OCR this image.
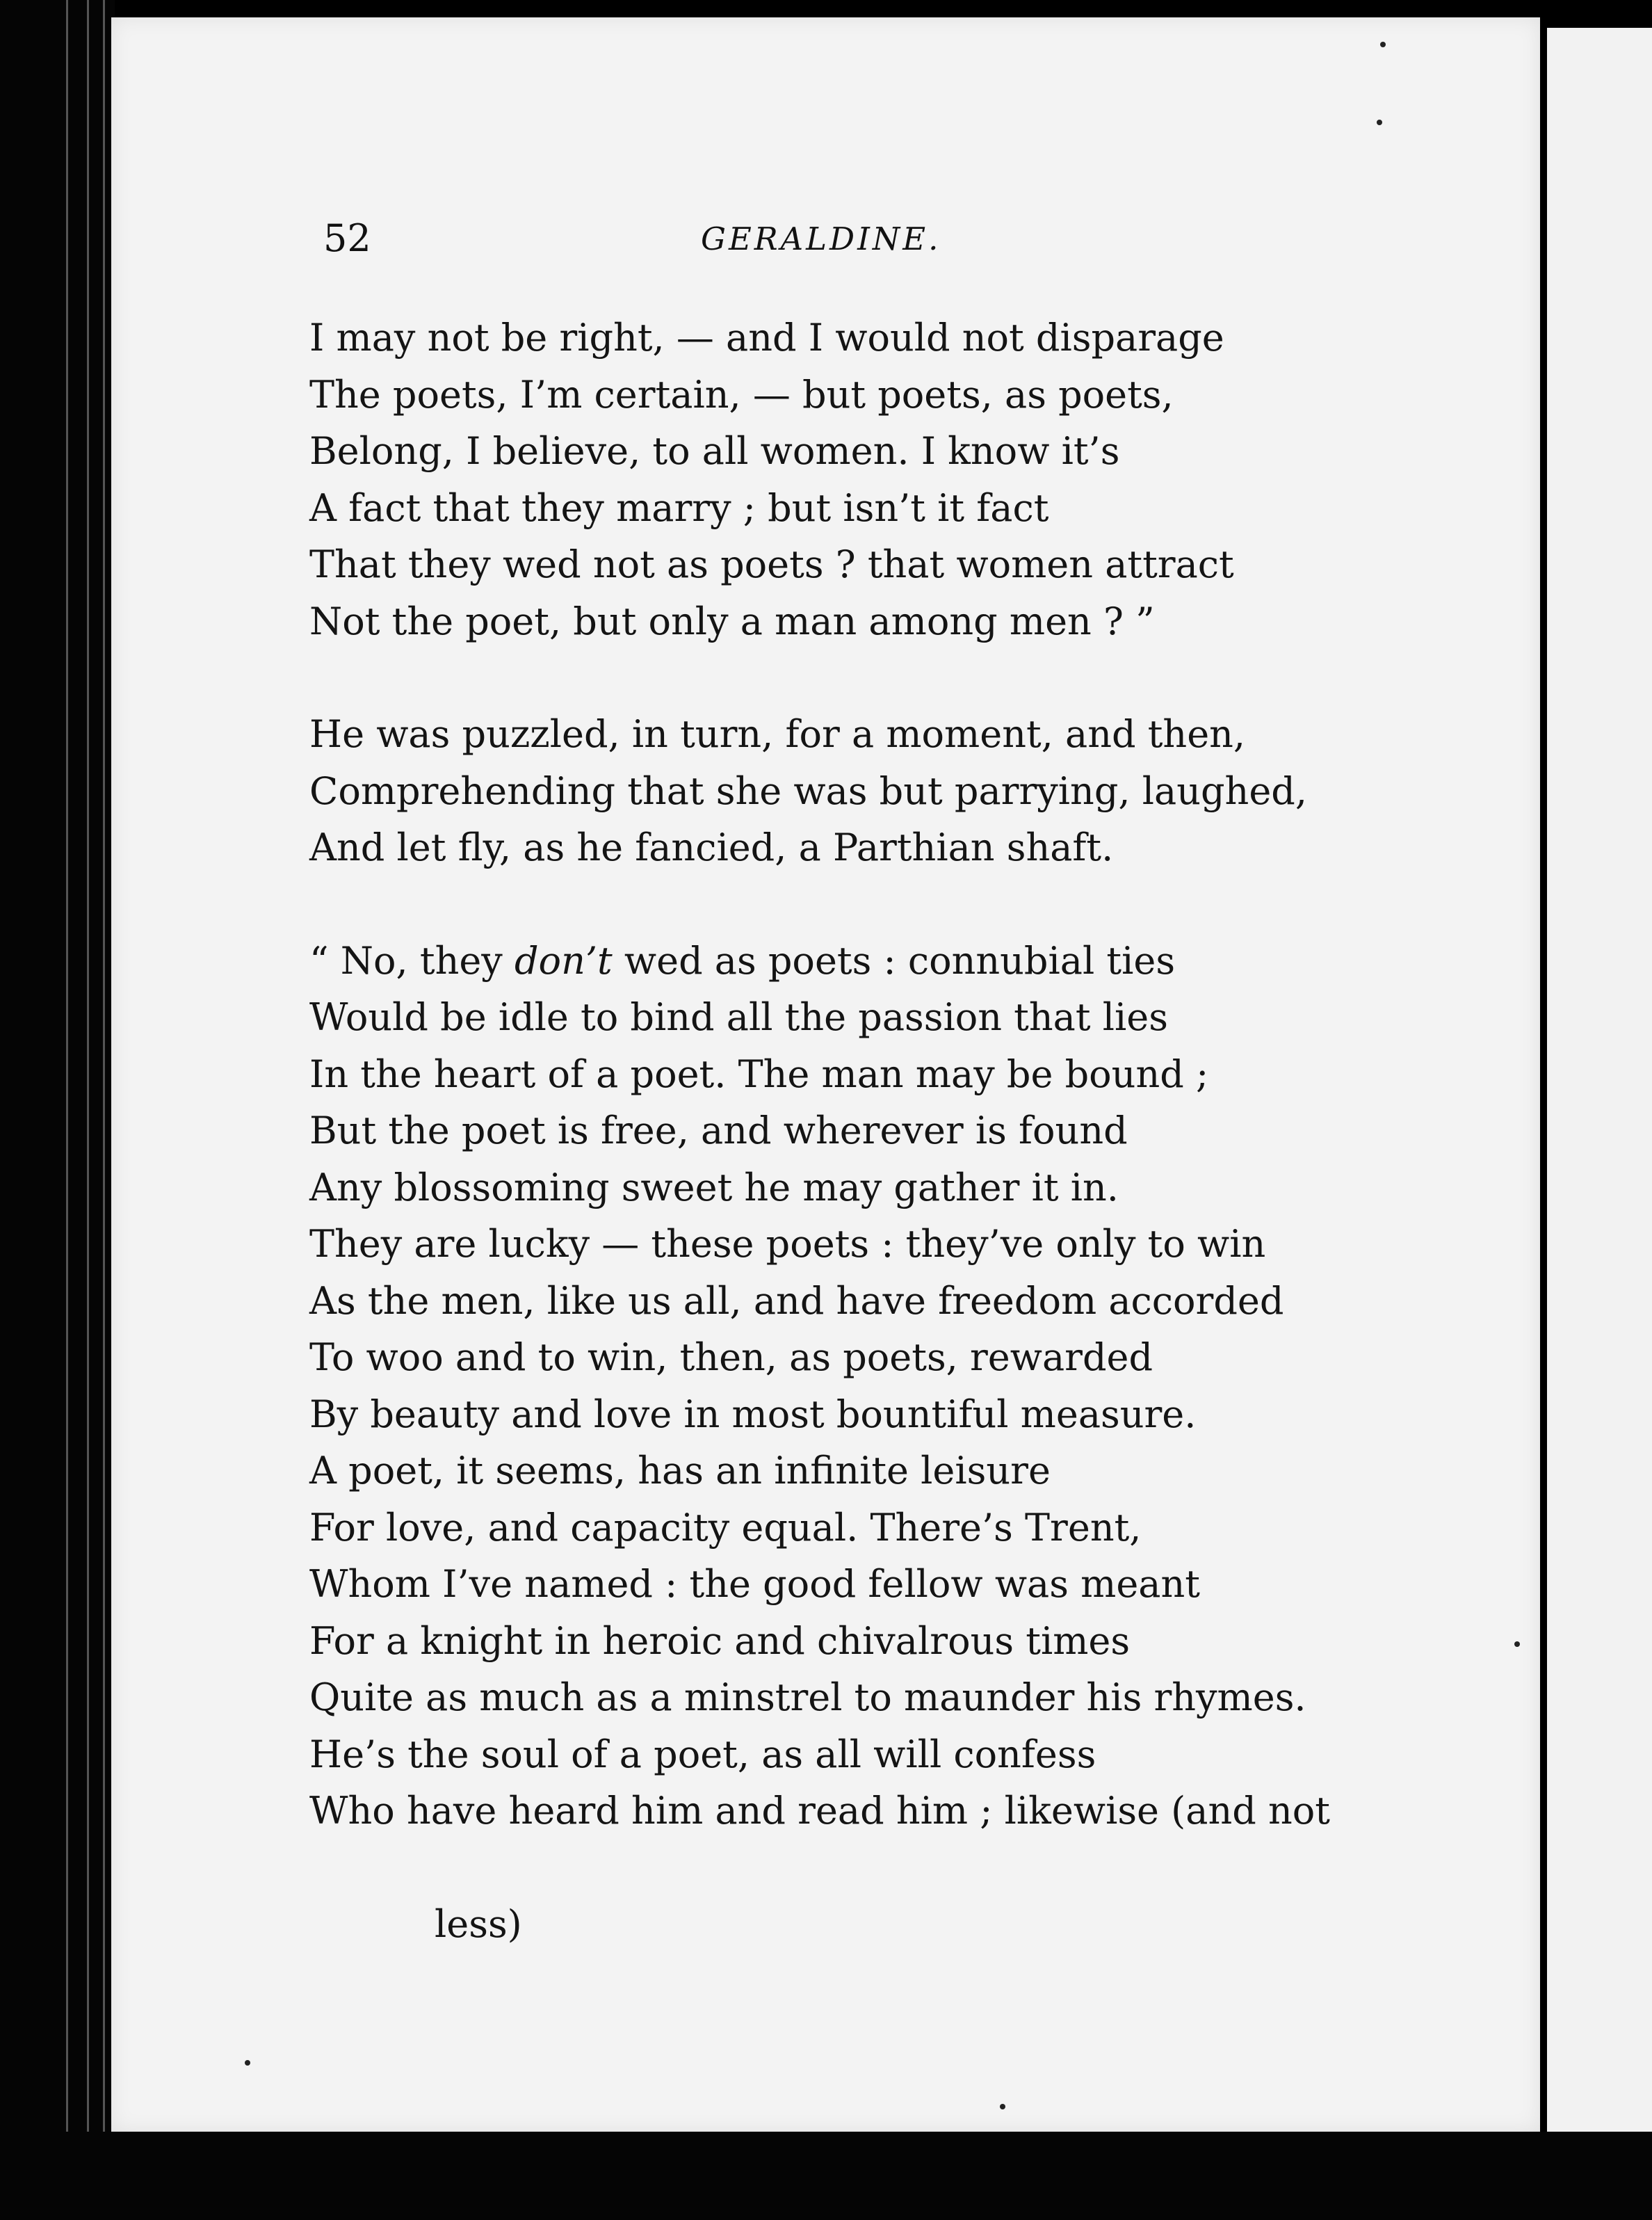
52	GERALDINE.
I may not be right, — and I would not disparage
The poets, I’m certain, — but poets, as poets,
Belong, I believe, to all women. I know it’s
A fact that they marry ; but isn’t it fact
That they wed not as poets ? that women attract
Not the poet, but only a man among men ? ”
He was puzzled, in turn, for a moment, and then,
Comprehending that she was but parrying, laughed,
And let fly, as he fancied, a Parthian shaft.
“ No, they don’t wed as poets : connubial ties
Would be idle to bind all the passion that lies
In the heart of a poet. The man may be bound ;
But the poet is free, and wherever is found
Any blossoming sweet he may gather it in.
They are lucky — these poets : they’ve only to win
As the men, like us all, and have freedom accorded
To woo and to win, then, as poets, rewarded
By beauty and love in most bountiful measure.
A poet, it seems, has an infinite leisure
For love, and capacity equal. There’s Trent,
Whom I’ve named : the good fellow was meant
For a knight in heroic and chivalrous times
Quite as much as a minstrel to maunder his rhymes.
He’s the soul of a poet, as all will confess
Who have heard him and read him ; likewise (and not
less)
